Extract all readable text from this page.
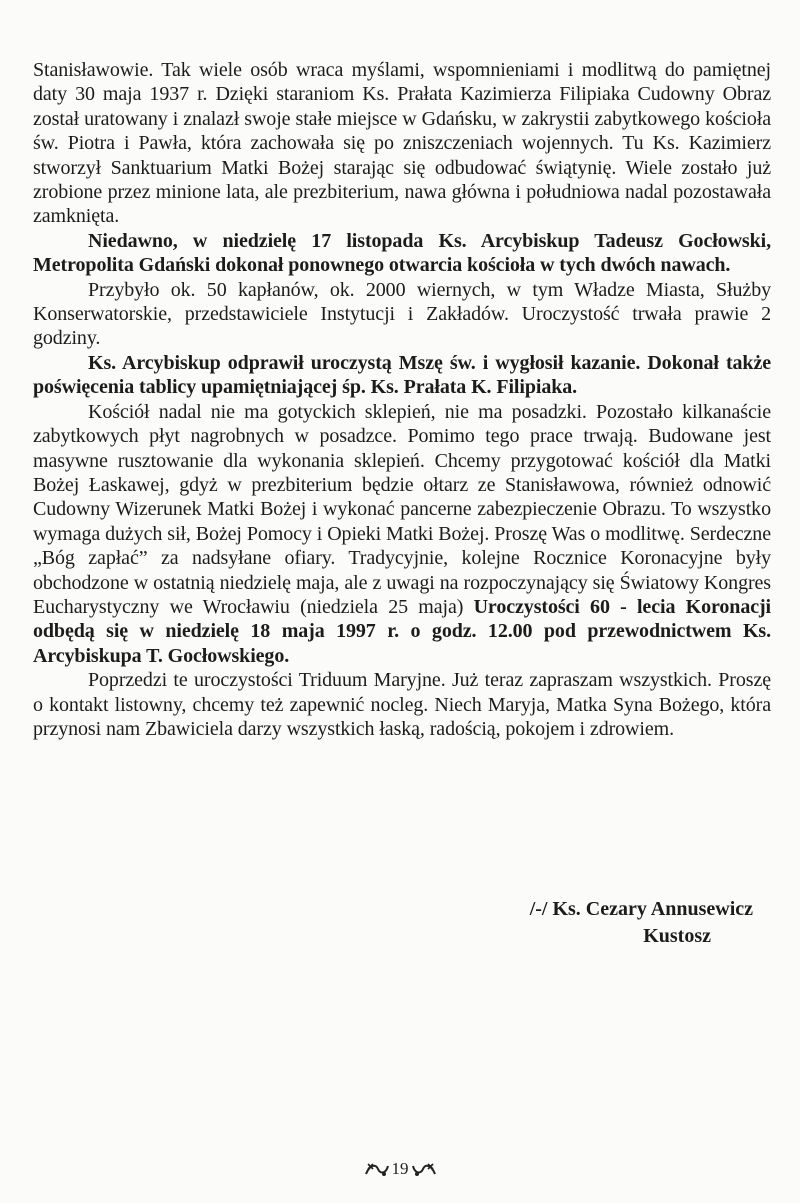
Stanisławowie. Tak wiele osób wraca myślami, wspomnieniami i modlitwą do pamiętnej daty 30 maja 1937 r. Dzięki staraniom Ks. Prałata Kazimierza Filipiaka Cudowny Obraz został uratowany i znalazł swoje stałe miejsce w Gdańsku, w zakrystii zabytkowego kościoła św. Piotra i Pawła, która zachowała się po zniszczeniach wojennych. Tu Ks. Kazimierz stworzył Sanktuarium Matki Bożej starając się odbudować świątynię. Wiele zostało już zrobione przez minione lata, ale prezbiterium, nawa główna i południowa nadal pozostawała zamknięta.

Niedawno, w niedzielę 17 listopada Ks. Arcybiskup Tadeusz Gocłowski, Metropolita Gdański dokonał ponownego otwarcia kościoła w tych dwóch nawach.

Przybyło ok. 50 kapłanów, ok. 2000 wiernych, w tym Władze Miasta, Służby Konserwatorskie, przedstawiciele Instytucji i Zakładów. Uroczystość trwała prawie 2 godziny.

Ks. Arcybiskup odprawił uroczystą Mszę św. i wygłosił kazanie. Dokonał także poświęcenia tablicy upamiętniającej śp. Ks. Prałata K. Filipiaka.

Kościół nadal nie ma gotyckich sklepień, nie ma posadzki. Pozostało kilkanaście zabytkowych płyt nagrobnych w posadzce. Pomimo tego prace trwają. Budowane jest masywne rusztowanie dla wykonania sklepień. Chcemy przygotować kościół dla Matki Bożej Łaskawej, gdyż w prezbiterium będzie ołtarz ze Stanisławowa, również odnowić Cudowny Wizerunek Matki Bożej i wykonać pancerne zabezpieczenie Obrazu. To wszystko wymaga dużych sił, Bożej Pomocy i Opieki Matki Bożej. Proszę Was o modlitwę. Serdeczne „Bóg zapłać” za nadsyłane ofiary. Tradycyjnie, kolejne Rocznice Koronacyjne były obchodzone w ostatnią niedzielę maja, ale z uwagi na rozpoczynający się Światowy Kongres Eucharystyczny we Wrocławiu (niedziela 25 maja) Uroczystości 60 - lecia Koronacji odbędą się w niedzielę 18 maja 1997 r. o godz. 12.00 pod przewodnictwem Ks. Arcybiskupa T. Gocłowskiego.

Poprzedzi te uroczystości Triduum Maryjne. Już teraz zapraszam wszystkich. Proszę o kontakt listowny, chcemy też zapewnić nocleg. Niech Maryja, Matka Syna Bożego, która przynosi nam Zbawiciela darzy wszystkich łaską, radością, pokojem i zdrowiem.

/-/ Ks. Cezary Annusewicz
Kustosz
19
